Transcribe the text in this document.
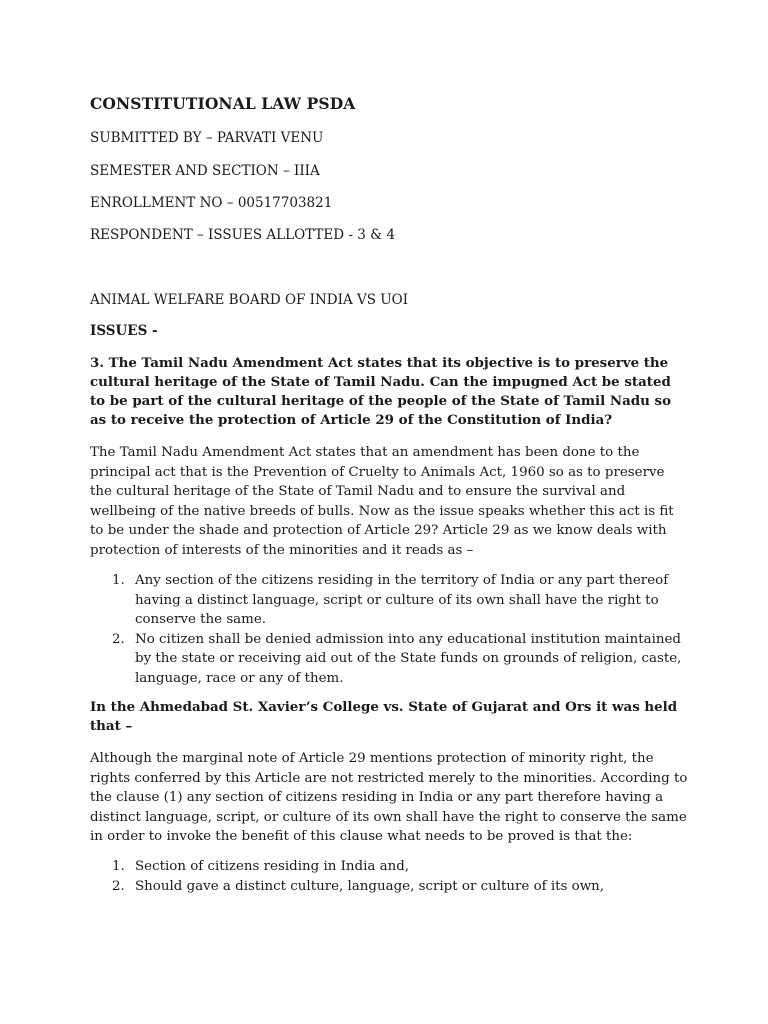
CONSTITUTIONAL LAW PSDA
SUBMITTED BY – PARVATI VENU
SEMESTER AND SECTION – IIIA
ENROLLMENT NO – 00517703821
RESPONDENT – ISSUES ALLOTTED - 3 & 4
ANIMAL WELFARE BOARD OF INDIA VS UOI
ISSUES -
3. The Tamil Nadu Amendment Act states that its objective is to preserve the cultural heritage of the State of Tamil Nadu. Can the impugned Act be stated to be part of the cultural heritage of the people of the State of Tamil Nadu so as to receive the protection of Article 29 of the Constitution of India?
The Tamil Nadu Amendment Act states that an amendment has been done to the principal act that is the Prevention of Cruelty to Animals Act, 1960 so as to preserve the cultural heritage of the State of Tamil Nadu and to ensure the survival and wellbeing of the native breeds of bulls. Now as the issue speaks whether this act is fit to be under the shade and protection of Article 29? Article 29 as we know deals with protection of interests of the minorities and it reads as –
1. Any section of the citizens residing in the territory of India or any part thereof having a distinct language, script or culture of its own shall have the right to conserve the same.
2. No citizen shall be denied admission into any educational institution maintained by the state or receiving aid out of the State funds on grounds of religion, caste, language, race or any of them.
In the Ahmedabad St. Xavier’s College vs. State of Gujarat and Ors it was held that –
Although the marginal note of Article 29 mentions protection of minority right, the rights conferred by this Article are not restricted merely to the minorities. According to the clause (1) any section of citizens residing in India or any part therefore having a distinct language, script, or culture of its own shall have the right to conserve the same in order to invoke the benefit of this clause what needs to be proved is that the:
1. Section of citizens residing in India and,
2. Should gave a distinct culture, language, script or culture of its own,
